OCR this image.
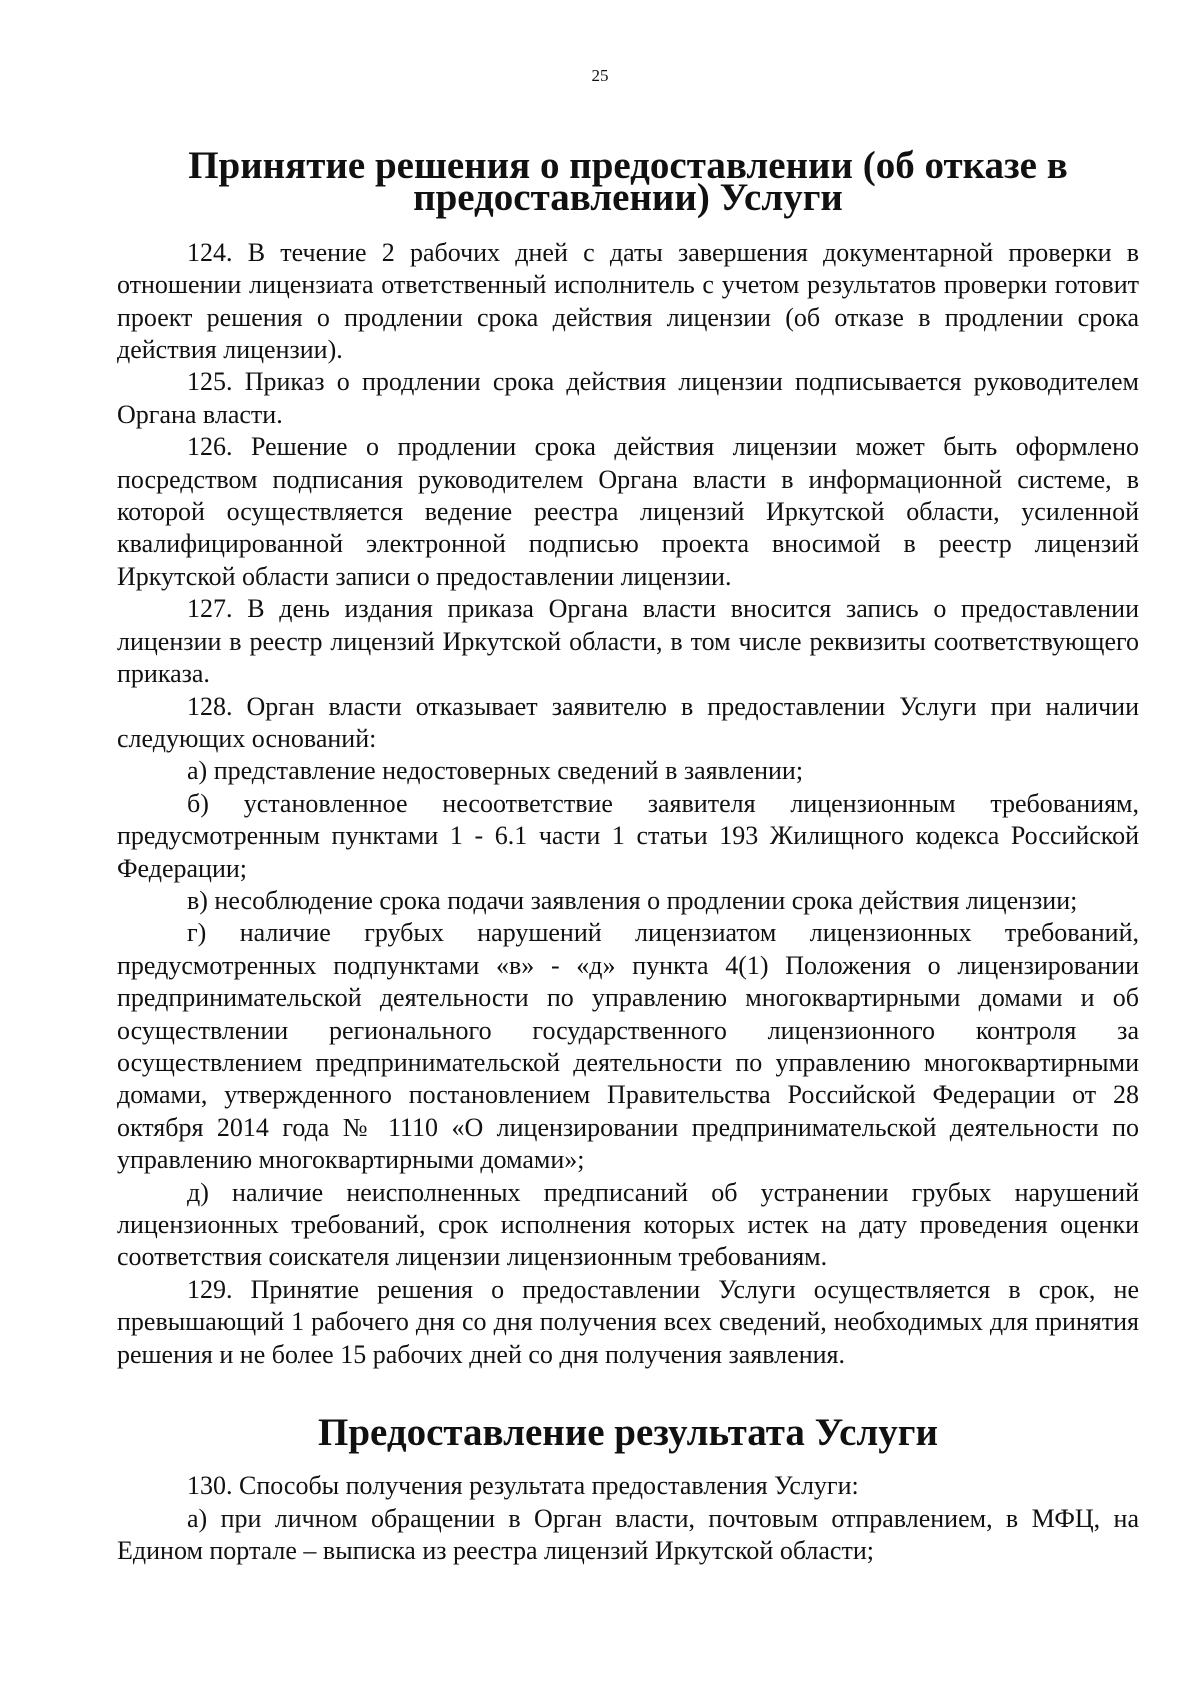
25
Принятие решения о предоставлении (об отказе в предоставлении) Услуги

124. В течение 2 рабочих дней с даты завершения документарной проверки в отношении лицензиата ответственный исполнитель с учетом результатов проверки готовит проект решения о продлении срока действия лицензии (об отказе в продлении срока действия лицензии).

125. Приказ о продлении срока действия лицензии подписывается руководителем Органа власти.

126. Решение о продлении срока действия лицензии может быть оформлено посредством подписания руководителем Органа власти в информационной системе, в которой осуществляется ведение реестра лицензий Иркутской области, усиленной квалифицированной электронной подписью проекта вносимой в реестр лицензий Иркутской области записи о предоставлении лицензии.

127. В день издания приказа Органа власти вносится запись о предоставлении лицензии в реестр лицензий Иркутской области, в том числе реквизиты соответствующего приказа.

128. Орган власти отказывает заявителю в предоставлении Услуги при наличии следующих оснований:

а) представление недостоверных сведений в заявлении;

б) установленное несоответствие заявителя лицензионным требованиям, предусмотренным пунктами 1 - 6.1 части 1 статьи 193 Жилищного кодекса Российской Федерации;

в) несоблюдение срока подачи заявления о продлении срока действия лицензии;

г) наличие грубых нарушений лицензиатом лицензионных требований, предусмотренных подпунктами «в» - «д» пункта 4(1) Положения о лицензировании предпринимательской деятельности по управлению многоквартирными домами и об осуществлении регионального государственного лицензионного контроля за осуществлением предпринимательской деятельности по управлению многоквартирными домами, утвержденного постановлением Правительства Российской Федерации от 28 октября 2014 года № 1110 «О лицензировании предпринимательской деятельности по управлению многоквартирными домами»;

д) наличие неисполненных предписаний об устранении грубых нарушений лицензионных требований, срок исполнения которых истек на дату проведения оценки соответствия соискателя лицензии лицензионным требованиям.

129. Принятие решения о предоставлении Услуги осуществляется в срок, не превышающий 1 рабочего дня со дня получения всех сведений, необходимых для принятия решения и не более 15 рабочих дней со дня получения заявления.

Предоставление результата Услуги

130. Способы получения результата предоставления Услуги:

а) при личном обращении в Орган власти, почтовым отправлением, в МФЦ, на Едином портале – выписка из реестра лицензий Иркутской области;
